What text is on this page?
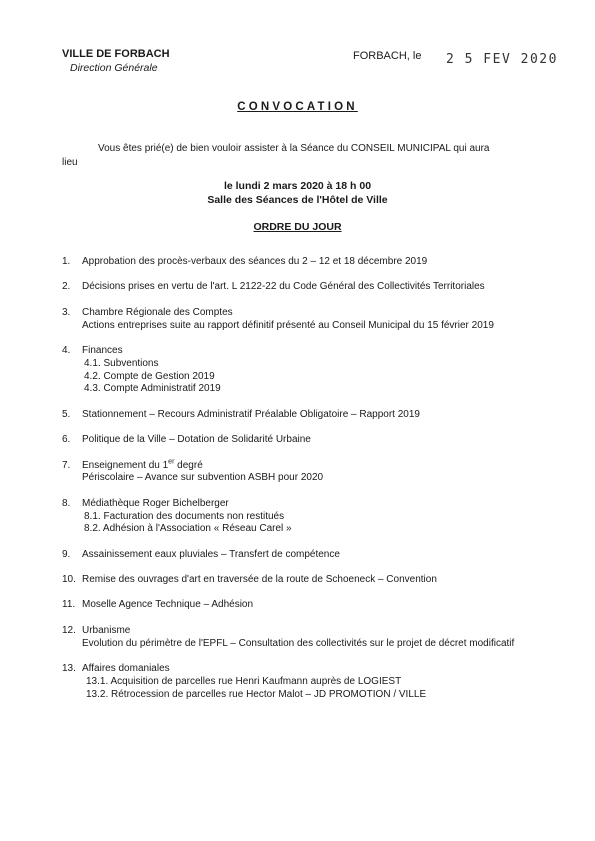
VILLE DE FORBACH
Direction Générale
FORBACH, le 2 5 FEV 2020
CONVOCATION
Vous êtes prié(e) de bien vouloir assister à la Séance du CONSEIL MUNICIPAL qui aura
lieu
le lundi 2 mars 2020 à 18 h 00
Salle des Séances de l'Hôtel de Ville
ORDRE DU JOUR
1. Approbation des procès-verbaux des séances du 2 – 12 et 18 décembre 2019
2. Décisions prises en vertu de l'art. L 2122-22 du Code Général des Collectivités Territoriales
3. Chambre Régionale des Comptes
Actions entreprises suite au rapport définitif présenté au Conseil Municipal du 15 février 2019
4. Finances
4.1. Subventions
4.2. Compte de Gestion 2019
4.3. Compte Administratif 2019
5. Stationnement – Recours Administratif Préalable Obligatoire – Rapport 2019
6. Politique de la Ville – Dotation de Solidarité Urbaine
7. Enseignement du 1er degré
Périscolaire – Avance sur subvention ASBH pour 2020
8. Médiathèque Roger Bichelberger
8.1. Facturation des documents non restitués
8.2. Adhésion à l'Association « Réseau Carel »
9. Assainissement eaux pluviales – Transfert de compétence
10. Remise des ouvrages d'art en traversée de la route de Schoeneck – Convention
11. Moselle Agence Technique – Adhésion
12. Urbanisme
Evolution du périmètre de l'EPFL – Consultation des collectivités sur le projet de décret modificatif
13. Affaires domaniales
13.1. Acquisition de parcelles rue Henri Kaufmann auprès de LOGIEST
13.2. Rétrocession de parcelles rue Hector Malot – JD PROMOTION / VILLE
